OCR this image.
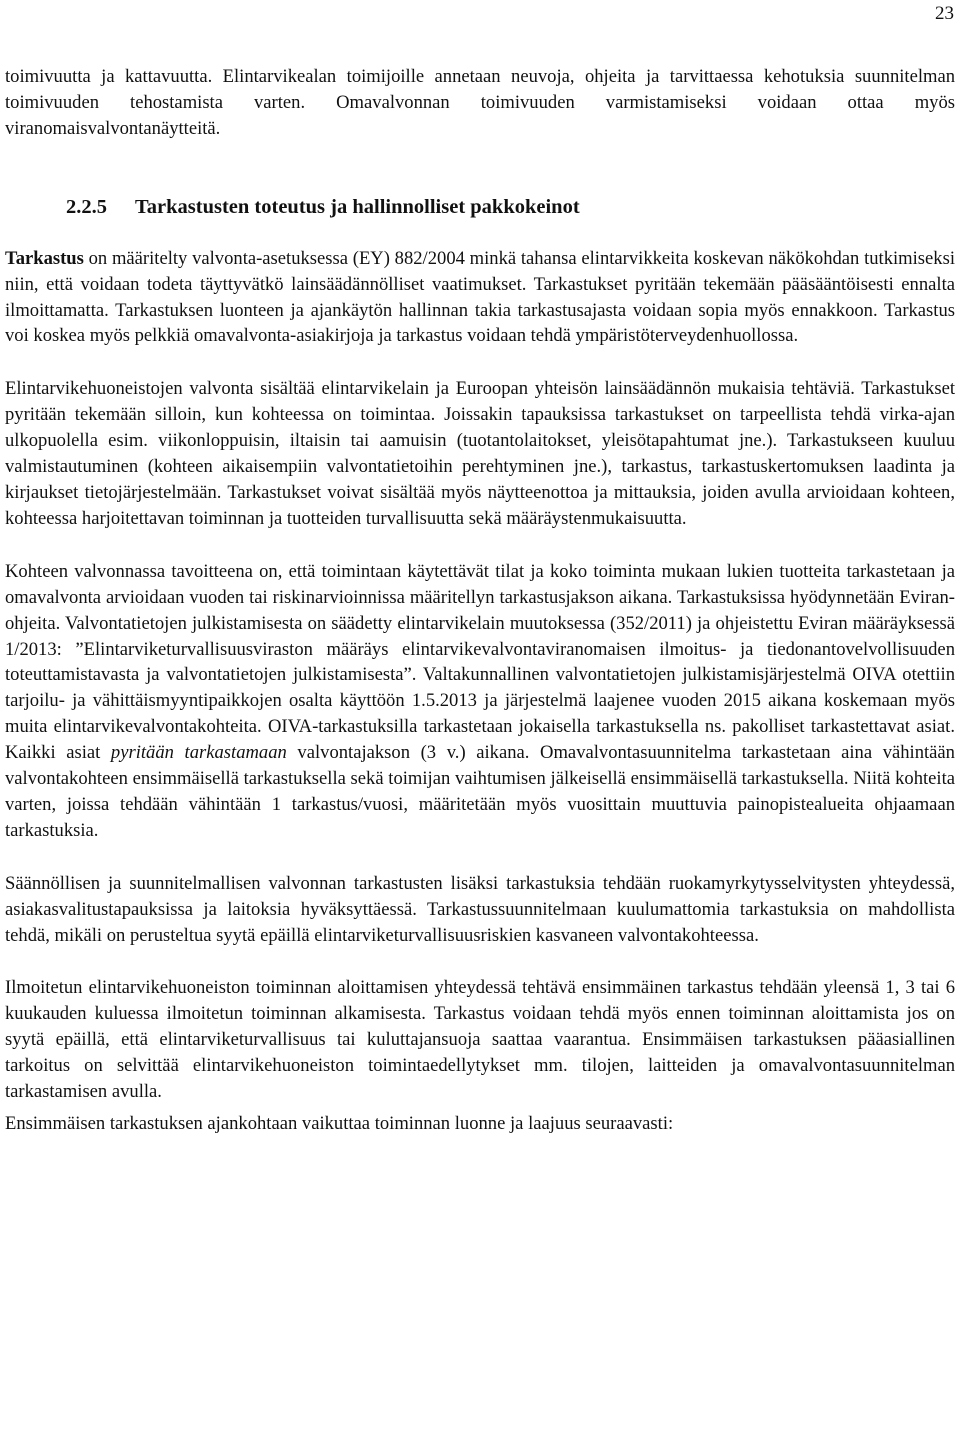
23

toimivuutta ja kattavuutta. Elintarvikealan toimijoille annetaan neuvoja, ohjeita ja tarvittaessa kehotuksia suunnitelman toimivuuden tehostamista varten. Omavalvonnan toimivuuden varmistamiseksi voidaan ottaa myös viranomaisvalvontanäytteitä.

2.2.5 Tarkastusten toteutus ja hallinnolliset pakkokeinot

Tarkastus on määritelty valvonta-asetuksessa (EY) 882/2004 minkä tahansa elintarvikkeita koskevan näkökohdan tutkimiseksi niin, että voidaan todeta täyttyvätkö lainsäädännölliset vaatimukset. Tarkastukset pyritään tekemään pääsääntöisesti ennalta ilmoittamatta. Tarkastuksen luonteen ja ajankäytön hallinnan takia tarkastusajasta voidaan sopia myös ennakkoon. Tarkastus voi koskea myös pelkkiä omavalvonta-asiakirjoja ja tarkastus voidaan tehdä ympäristöterveydenhuollossa.

Elintarvikehuoneistojen valvonta sisältää elintarvikelain ja Euroopan yhteisön lainsäädännön mukaisia tehtäviä. Tarkastukset pyritään tekemään silloin, kun kohteessa on toimintaa. Joissakin tapauksissa tarkastukset on tarpeellista tehdä virka-ajan ulkopuolella esim. viikonloppuisin, iltaisin tai aamuisin (tuotantolaitokset, yleisötapahtumat jne.). Tarkastukseen kuuluu valmistautuminen (kohteen aikaisempiin valvontatietoihin perehtyminen jne.), tarkastus, tarkastuskertomuksen laadinta ja kirjaukset tietojärjestelmään. Tarkastukset voivat sisältää myös näytteenottoa ja mittauksia, joiden avulla arvioidaan kohteen, kohteessa harjoitettavan toiminnan ja tuotteiden turvallisuutta sekä määräystenmukaisuutta.

Kohteen valvonnassa tavoitteena on, että toimintaan käytettävät tilat ja koko toiminta mukaan lukien tuotteita tarkastetaan ja omavalvonta arvioidaan vuoden tai riskinarvioinnissa määritellyn tarkastusjakson aikana. Tarkastuksissa hyödynnetään Eviran-ohjeita. Valvontatietojen julkistamisesta on säädetty elintarvikelain muutoksessa (352/2011) ja ohjeistettu Eviran määräyksessä 1/2013: ”Elintarviketurvallisuusviraston määräys elintarvikevalvontaviranomaisen ilmoitus- ja tiedonantovelvollisuuden toteuttamistavasta ja valvontatietojen julkistamisesta”. Valtakunnallinen valvontatietojen julkistamisjärjestelmä OIVA otettiin tarjoilu- ja vähittäismyyntipaikkojen osalta käyttöön 1.5.2013 ja järjestelmä laajenee vuoden 2015 aikana koskemaan myös muita elintarvikevalvontakohteita. OIVA-tarkastuksilla tarkastetaan jokaisella tarkastuksella ns. pakolliset tarkastettavat asiat. Kaikki asiat pyritään tarkastamaan valvontajakson (3 v.) aikana. Omavalvontasuunnitelma tarkastetaan aina vähintään valvontakohteen ensimmäisellä tarkastuksella sekä toimijan vaihtumisen jälkeisellä ensimmäisellä tarkastuksella. Niitä kohteita varten, joissa tehdään vähintään 1 tarkastus/vuosi, määritetään myös vuosittain muuttuvia painopistealueita ohjaamaan tarkastuksia.

Säännöllisen ja suunnitelmallisen valvonnan tarkastusten lisäksi tarkastuksia tehdään ruokamyrkytysselvitysten yhteydessä, asiakasvalitustapauksissa ja laitoksia hyväksyttäessä. Tarkastussuunnitelmaan kuulumattomia tarkastuksia on mahdollista tehdä, mikäli on perusteltua syytä epäillä elintarviketurvallisuusriskien kasvaneen valvontakohteessa.

Ilmoitetun elintarvikehuoneiston toiminnan aloittamisen yhteydessä tehtävä ensimmäinen tarkastus tehdään yleensä 1, 3 tai 6 kuukauden kuluessa ilmoitetun toiminnan alkamisesta. Tarkastus voidaan tehdä myös ennen toiminnan aloittamista jos on syytä epäillä, että elintarviketurvallisuus tai kuluttajansuoja saattaa vaarantua. Ensimmäisen tarkastuksen pääasiallinen tarkoitus on selvittää elintarvikehuoneiston toimintaedellytykset mm. tilojen, laitteiden ja omavalvontasuunnitelman tarkastamisen avulla.

Ensimmäisen tarkastuksen ajankohtaan vaikuttaa toiminnan luonne ja laajuus seuraavasti:
